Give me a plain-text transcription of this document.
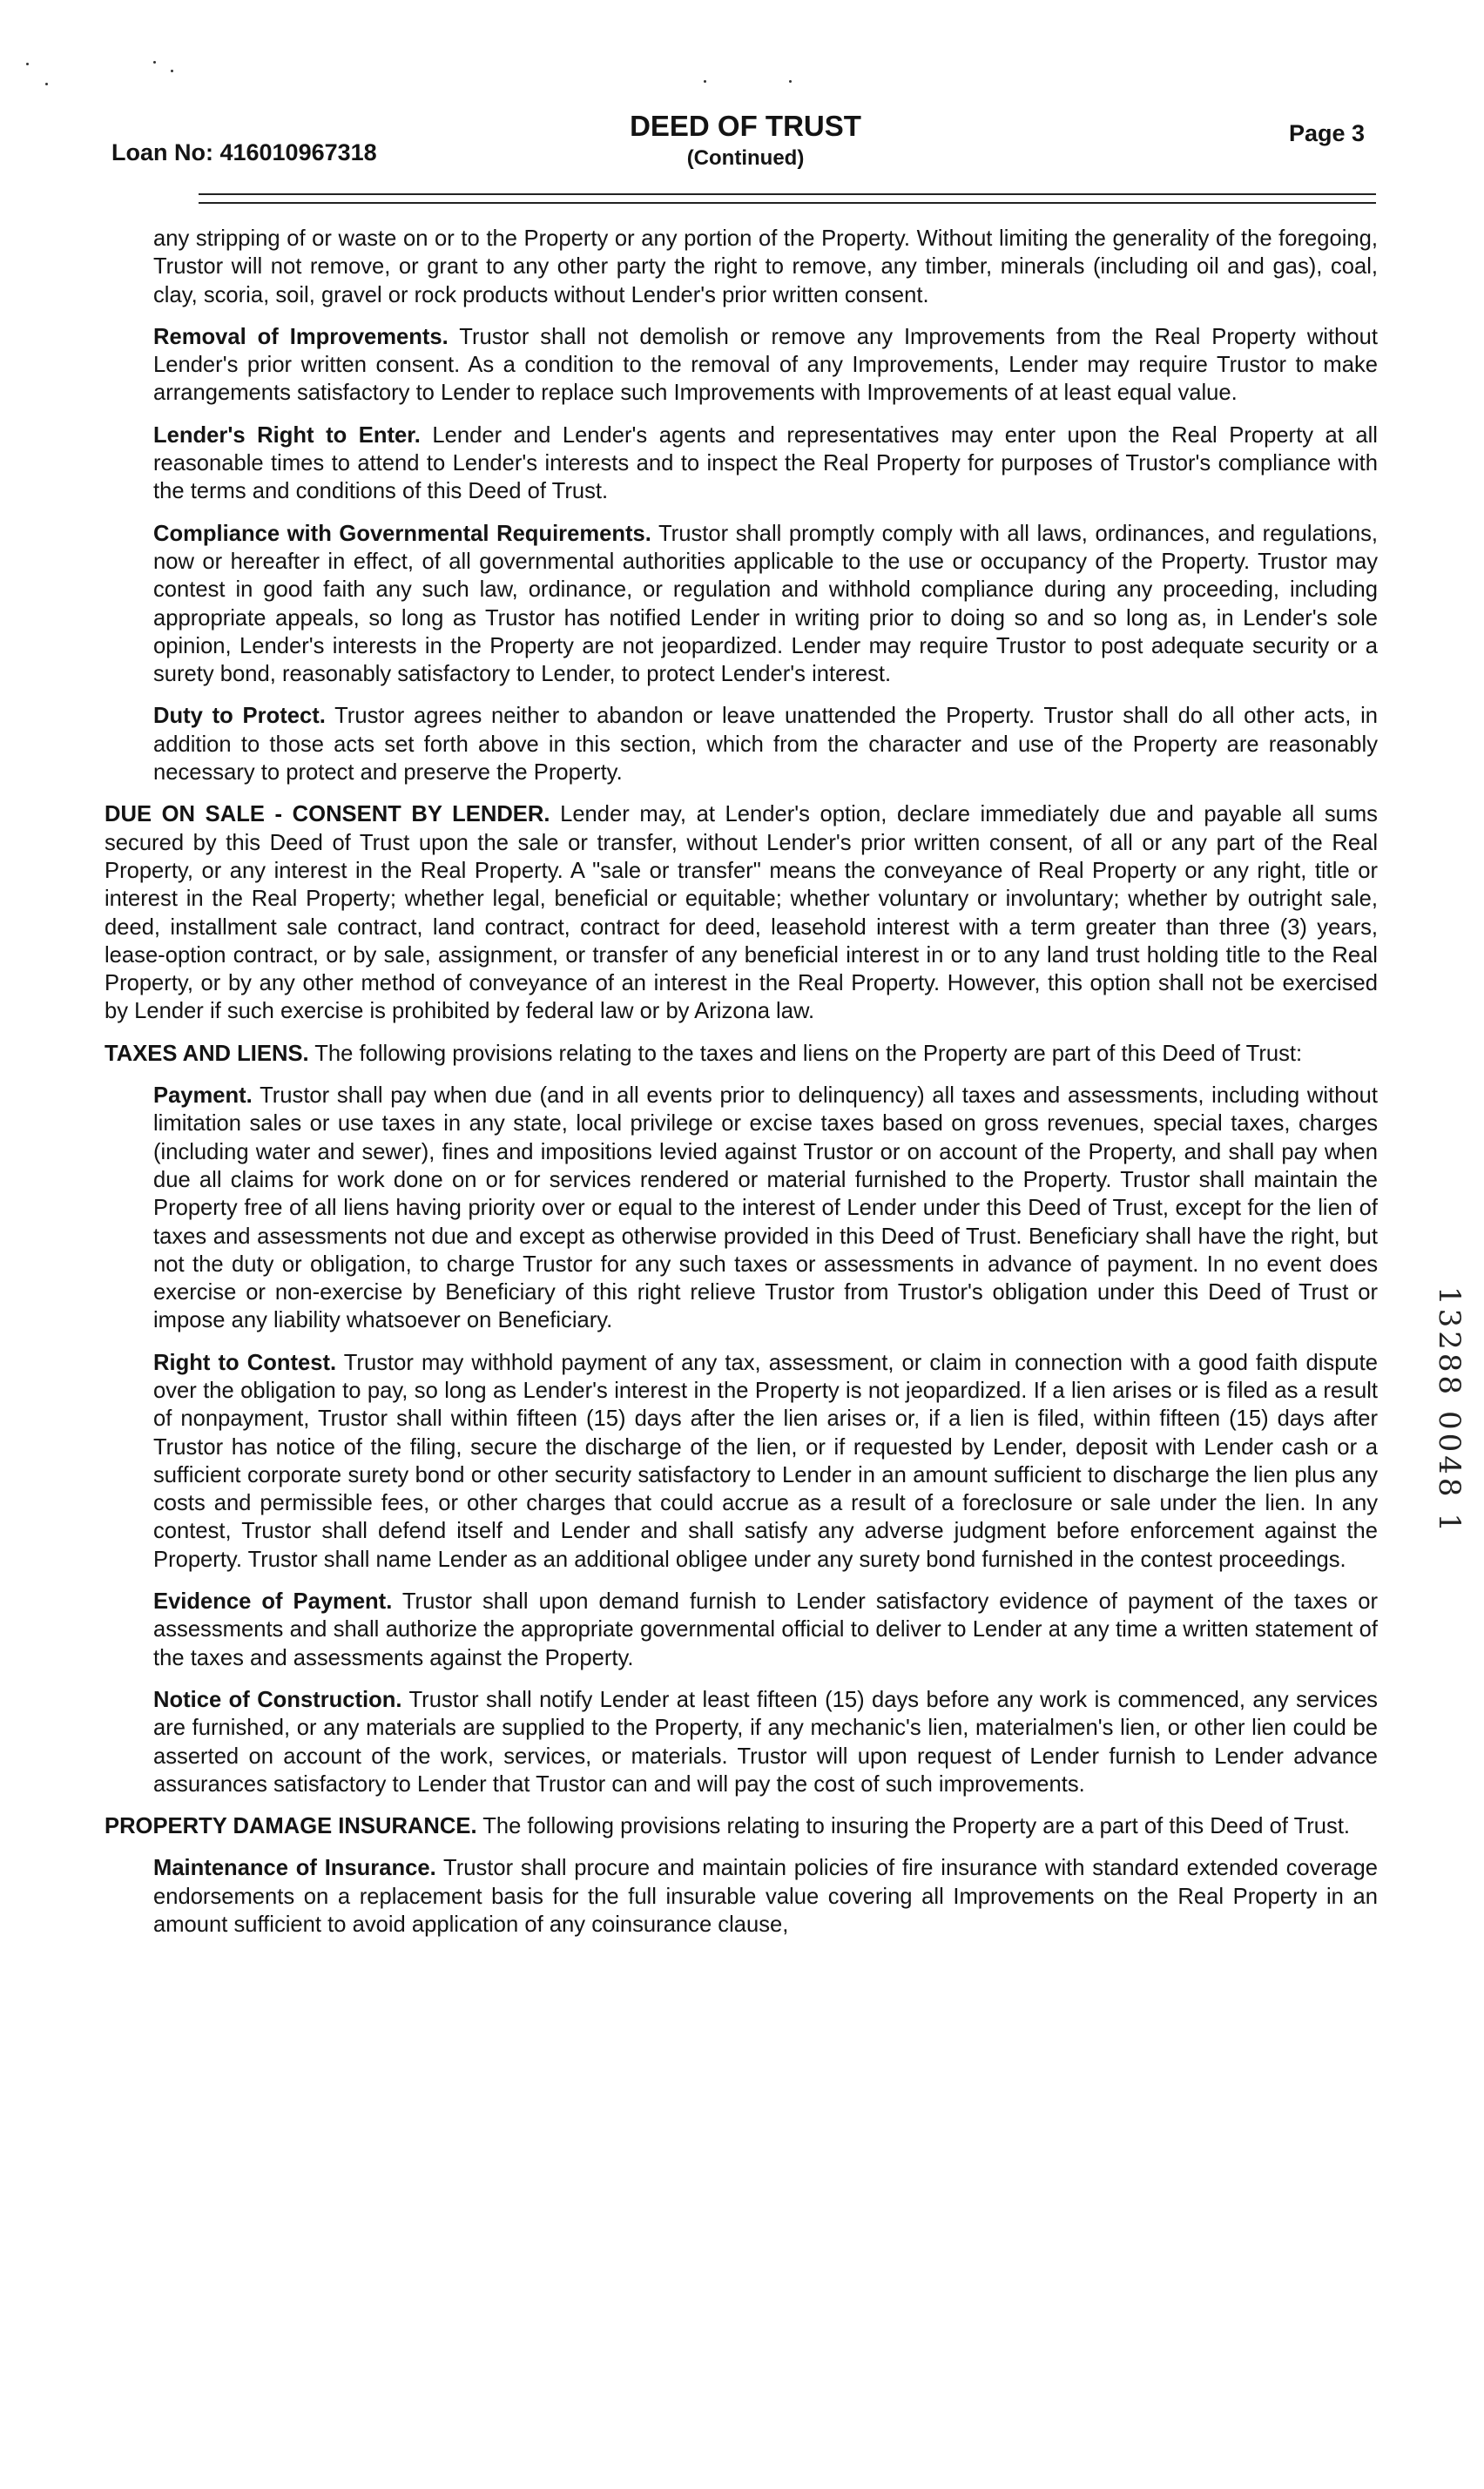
Loan No: 416010967318
DEED OF TRUST
(Continued)
Page 3

any stripping of or waste on or to the Property or any portion of the Property. Without limiting the generality of the foregoing, Trustor will not remove, or grant to any other party the right to remove, any timber, minerals (including oil and gas), coal, clay, scoria, soil, gravel or rock products without Lender's prior written consent.

Removal of Improvements. Trustor shall not demolish or remove any Improvements from the Real Property without Lender's prior written consent. As a condition to the removal of any Improvements, Lender may require Trustor to make arrangements satisfactory to Lender to replace such Improvements with Improvements of at least equal value.

Lender's Right to Enter. Lender and Lender's agents and representatives may enter upon the Real Property at all reasonable times to attend to Lender's interests and to inspect the Real Property for purposes of Trustor's compliance with the terms and conditions of this Deed of Trust.

Compliance with Governmental Requirements. Trustor shall promptly comply with all laws, ordinances, and regulations, now or hereafter in effect, of all governmental authorities applicable to the use or occupancy of the Property. Trustor may contest in good faith any such law, ordinance, or regulation and withhold compliance during any proceeding, including appropriate appeals, so long as Trustor has notified Lender in writing prior to doing so and so long as, in Lender's sole opinion, Lender's interests in the Property are not jeopardized. Lender may require Trustor to post adequate security or a surety bond, reasonably satisfactory to Lender, to protect Lender's interest.

Duty to Protect. Trustor agrees neither to abandon or leave unattended the Property. Trustor shall do all other acts, in addition to those acts set forth above in this section, which from the character and use of the Property are reasonably necessary to protect and preserve the Property.

DUE ON SALE - CONSENT BY LENDER. Lender may, at Lender's option, declare immediately due and payable all sums secured by this Deed of Trust upon the sale or transfer, without Lender's prior written consent, of all or any part of the Real Property, or any interest in the Real Property. A "sale or transfer" means the conveyance of Real Property or any right, title or interest in the Real Property; whether legal, beneficial or equitable; whether voluntary or involuntary; whether by outright sale, deed, installment sale contract, land contract, contract for deed, leasehold interest with a term greater than three (3) years, lease-option contract, or by sale, assignment, or transfer of any beneficial interest in or to any land trust holding title to the Real Property, or by any other method of conveyance of an interest in the Real Property. However, this option shall not be exercised by Lender if such exercise is prohibited by federal law or by Arizona law.

TAXES AND LIENS. The following provisions relating to the taxes and liens on the Property are part of this Deed of Trust:

Payment. Trustor shall pay when due (and in all events prior to delinquency) all taxes and assessments, including without limitation sales or use taxes in any state, local privilege or excise taxes based on gross revenues, special taxes, charges (including water and sewer), fines and impositions levied against Trustor or on account of the Property, and shall pay when due all claims for work done on or for services rendered or material furnished to the Property. Trustor shall maintain the Property free of all liens having priority over or equal to the interest of Lender under this Deed of Trust, except for the lien of taxes and assessments not due and except as otherwise provided in this Deed of Trust. Beneficiary shall have the right, but not the duty or obligation, to charge Trustor for any such taxes or assessments in advance of payment. In no event does exercise or non-exercise by Beneficiary of this right relieve Trustor from Trustor's obligation under this Deed of Trust or impose any liability whatsoever on Beneficiary.

Right to Contest. Trustor may withhold payment of any tax, assessment, or claim in connection with a good faith dispute over the obligation to pay, so long as Lender's interest in the Property is not jeopardized. If a lien arises or is filed as a result of nonpayment, Trustor shall within fifteen (15) days after the lien arises or, if a lien is filed, within fifteen (15) days after Trustor has notice of the filing, secure the discharge of the lien, or if requested by Lender, deposit with Lender cash or a sufficient corporate surety bond or other security satisfactory to Lender in an amount sufficient to discharge the lien plus any costs and permissible fees, or other charges that could accrue as a result of a foreclosure or sale under the lien. In any contest, Trustor shall defend itself and Lender and shall satisfy any adverse judgment before enforcement against the Property. Trustor shall name Lender as an additional obligee under any surety bond furnished in the contest proceedings.

Evidence of Payment. Trustor shall upon demand furnish to Lender satisfactory evidence of payment of the taxes or assessments and shall authorize the appropriate governmental official to deliver to Lender at any time a written statement of the taxes and assessments against the Property.

Notice of Construction. Trustor shall notify Lender at least fifteen (15) days before any work is commenced, any services are furnished, or any materials are supplied to the Property, if any mechanic's lien, materialmen's lien, or other lien could be asserted on account of the work, services, or materials. Trustor will upon request of Lender furnish to Lender advance assurances satisfactory to Lender that Trustor can and will pay the cost of such improvements.

PROPERTY DAMAGE INSURANCE. The following provisions relating to insuring the Property are a part of this Deed of Trust.

Maintenance of Insurance. Trustor shall procure and maintain policies of fire insurance with standard extended coverage endorsements on a replacement basis for the full insurable value covering all Improvements on the Real Property in an amount sufficient to avoid application of any coinsurance clause,

13288 0048 1
